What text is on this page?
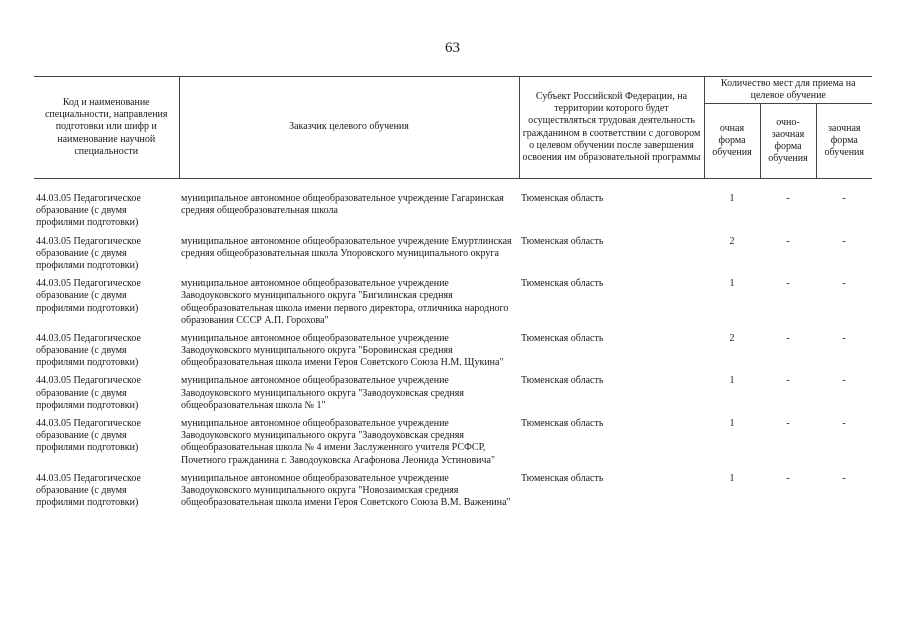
63
Код и наименование специальности, направления подготовки или шифр и наименование научной специальности	Заказчик целевого обучения	Субъект Российской Федерации, на территории которого будет осуществляться трудовая деятельность гражданином в соответствии с договором о целевом обучении после завершения освоения им образовательной программы	Количество мест для приема на целевое обучение		
			очная форма обучения	очно-заочная форма обучения	заочная форма обучения

44.03.05 Педагогическое образование (с двумя профилями подготовки)	муниципальное автономное общеобразовательное учреждение Гагаринская средняя общеобразовательная школа	Тюменская область	1	-	-
44.03.05 Педагогическое образование (с двумя профилями подготовки)	муниципальное автономное общеобразовательное учреждение Емуртлинская средняя общеобразовательная школа Упоровского муниципального округа	Тюменская область	2	-	-
44.03.05 Педагогическое образование (с двумя профилями подготовки)	муниципальное автономное общеобразовательное учреждение Заводоуковского муниципального округа "Бигилинская средняя общеобразовательная школа имени первого директора, отличника народного образования СССР А.П. Горохова"	Тюменская область	1	-	-
44.03.05 Педагогическое образование (с двумя профилями подготовки)	муниципальное автономное общеобразовательное учреждение Заводоуковского муниципального округа "Боровинская средняя общеобразовательная школа имени Героя Советского Союза Н.М. Щукина"	Тюменская область	2	-	-
44.03.05 Педагогическое образование (с двумя профилями подготовки)	муниципальное автономное общеобразовательное учреждение Заводоуковского муниципального округа "Заводоуковская средняя общеобразовательная школа № 1"	Тюменская область	1	-	-
44.03.05 Педагогическое образование (с двумя профилями подготовки)	муниципальное автономное общеобразовательное учреждение Заводоуковского муниципального округа "Заводоуковская средняя общеобразовательная школа № 4 имени Заслуженного учителя РСФСР, Почетного гражданина г. Заводоуковска Агафонова Леонида Устиновича"	Тюменская область	1	-	-
44.03.05 Педагогическое образование (с двумя профилями подготовки)	муниципальное автономное общеобразовательное учреждение Заводоуковского муниципального округа "Новозаимская средняя общеобразовательная школа имени Героя Советского Союза В.М. Важенина"	Тюменская область	1	-	-
